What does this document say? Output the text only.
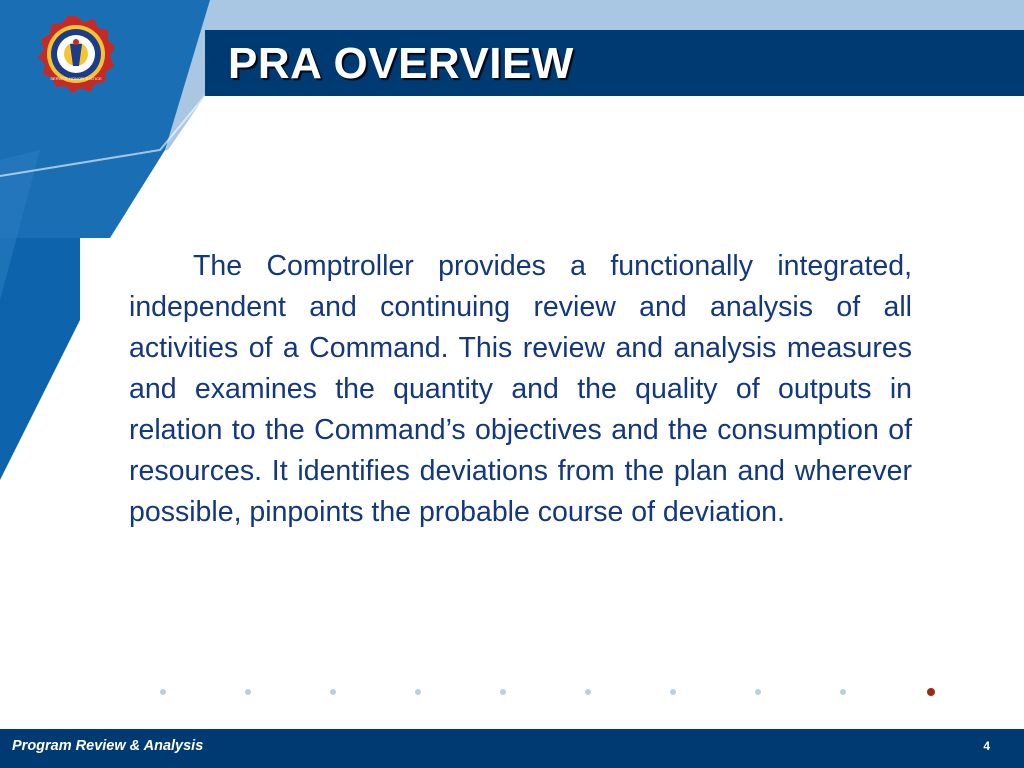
SERVICE HONOR JUSTICE	PRA OVERVIEW

The Comptroller provides a functionally integrated, independent and continuing review and analysis of all activities of a Command. This review and analysis measures and examines the quantity and the quality of outputs in relation to the Command’s objectives and the consumption of resources. It identifies deviations from the plan and wherever possible, pinpoints the probable course of deviation.

Program Review & Analysis	4
